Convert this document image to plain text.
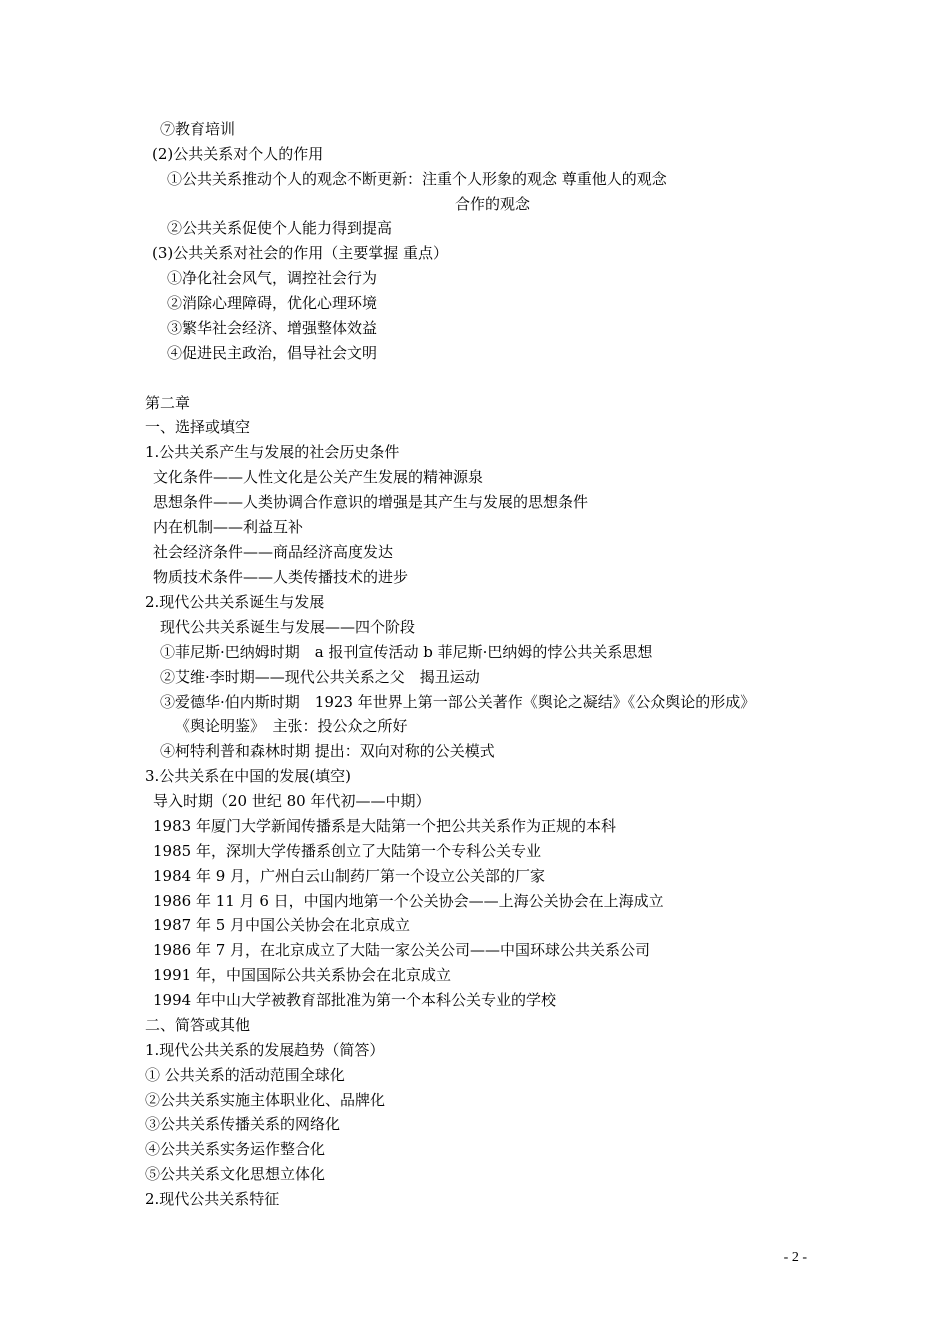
⑦教育培训

(2)公共关系对个人的作用

①公共关系推动个人的观念不断更新：注重个人形象的观念 尊重他人的观念

合作的观念

②公共关系促使个人能力得到提高

(3)公共关系对社会的作用（主要掌握 重点）

①净化社会风气，调控社会行为

②消除心理障碍，优化心理环境

③繁华社会经济、增强整体效益

④促进民主政治，倡导社会文明

第二章

一、选择或填空

1.公共关系产生与发展的社会历史条件

文化条件——人性文化是公关产生发展的精神源泉

思想条件——人类协调合作意识的增强是其产生与发展的思想条件

内在机制——利益互补

社会经济条件——商品经济高度发达

物质技术条件——人类传播技术的进步

2.现代公共关系诞生与发展

现代公共关系诞生与发展——四个阶段

①菲尼斯·巴纳姆时期　a 报刊宣传活动 b 菲尼斯·巴纳姆的悖公共关系思想

②艾维·李时期——现代公共关系之父　揭丑运动

③爱德华·伯内斯时期　1923 年世界上第一部公关著作《舆论之凝结》《公众舆论的形成》

《舆论明鉴》　主张：投公众之所好

④柯特利普和森林时期 提出：双向对称的公关模式

3.公共关系在中国的发展(填空)

导入时期（20 世纪 80 年代初——中期）

1983 年厦门大学新闻传播系是大陆第一个把公共关系作为正规的本科

1985 年，深圳大学传播系创立了大陆第一个专科公关专业

1984 年 9 月，广州白云山制药厂第一个设立公关部的厂家

1986 年 11 月 6 日，中国内地第一个公关协会——上海公关协会在上海成立

1987 年 5 月中国公关协会在北京成立

1986 年 7 月，在北京成立了大陆一家公关公司——中国环球公共关系公司

1991 年，中国国际公共关系协会在北京成立

1994 年中山大学被教育部批准为第一个本科公关专业的学校

二、简答或其他

1.现代公共关系的发展趋势（简答）

① 公共关系的活动范围全球化

②公共关系实施主体职业化、品牌化

③公共关系传播关系的网络化

④公共关系实务运作整合化

⑤公共关系文化思想立体化

2.现代公共关系特征

- 2 -
